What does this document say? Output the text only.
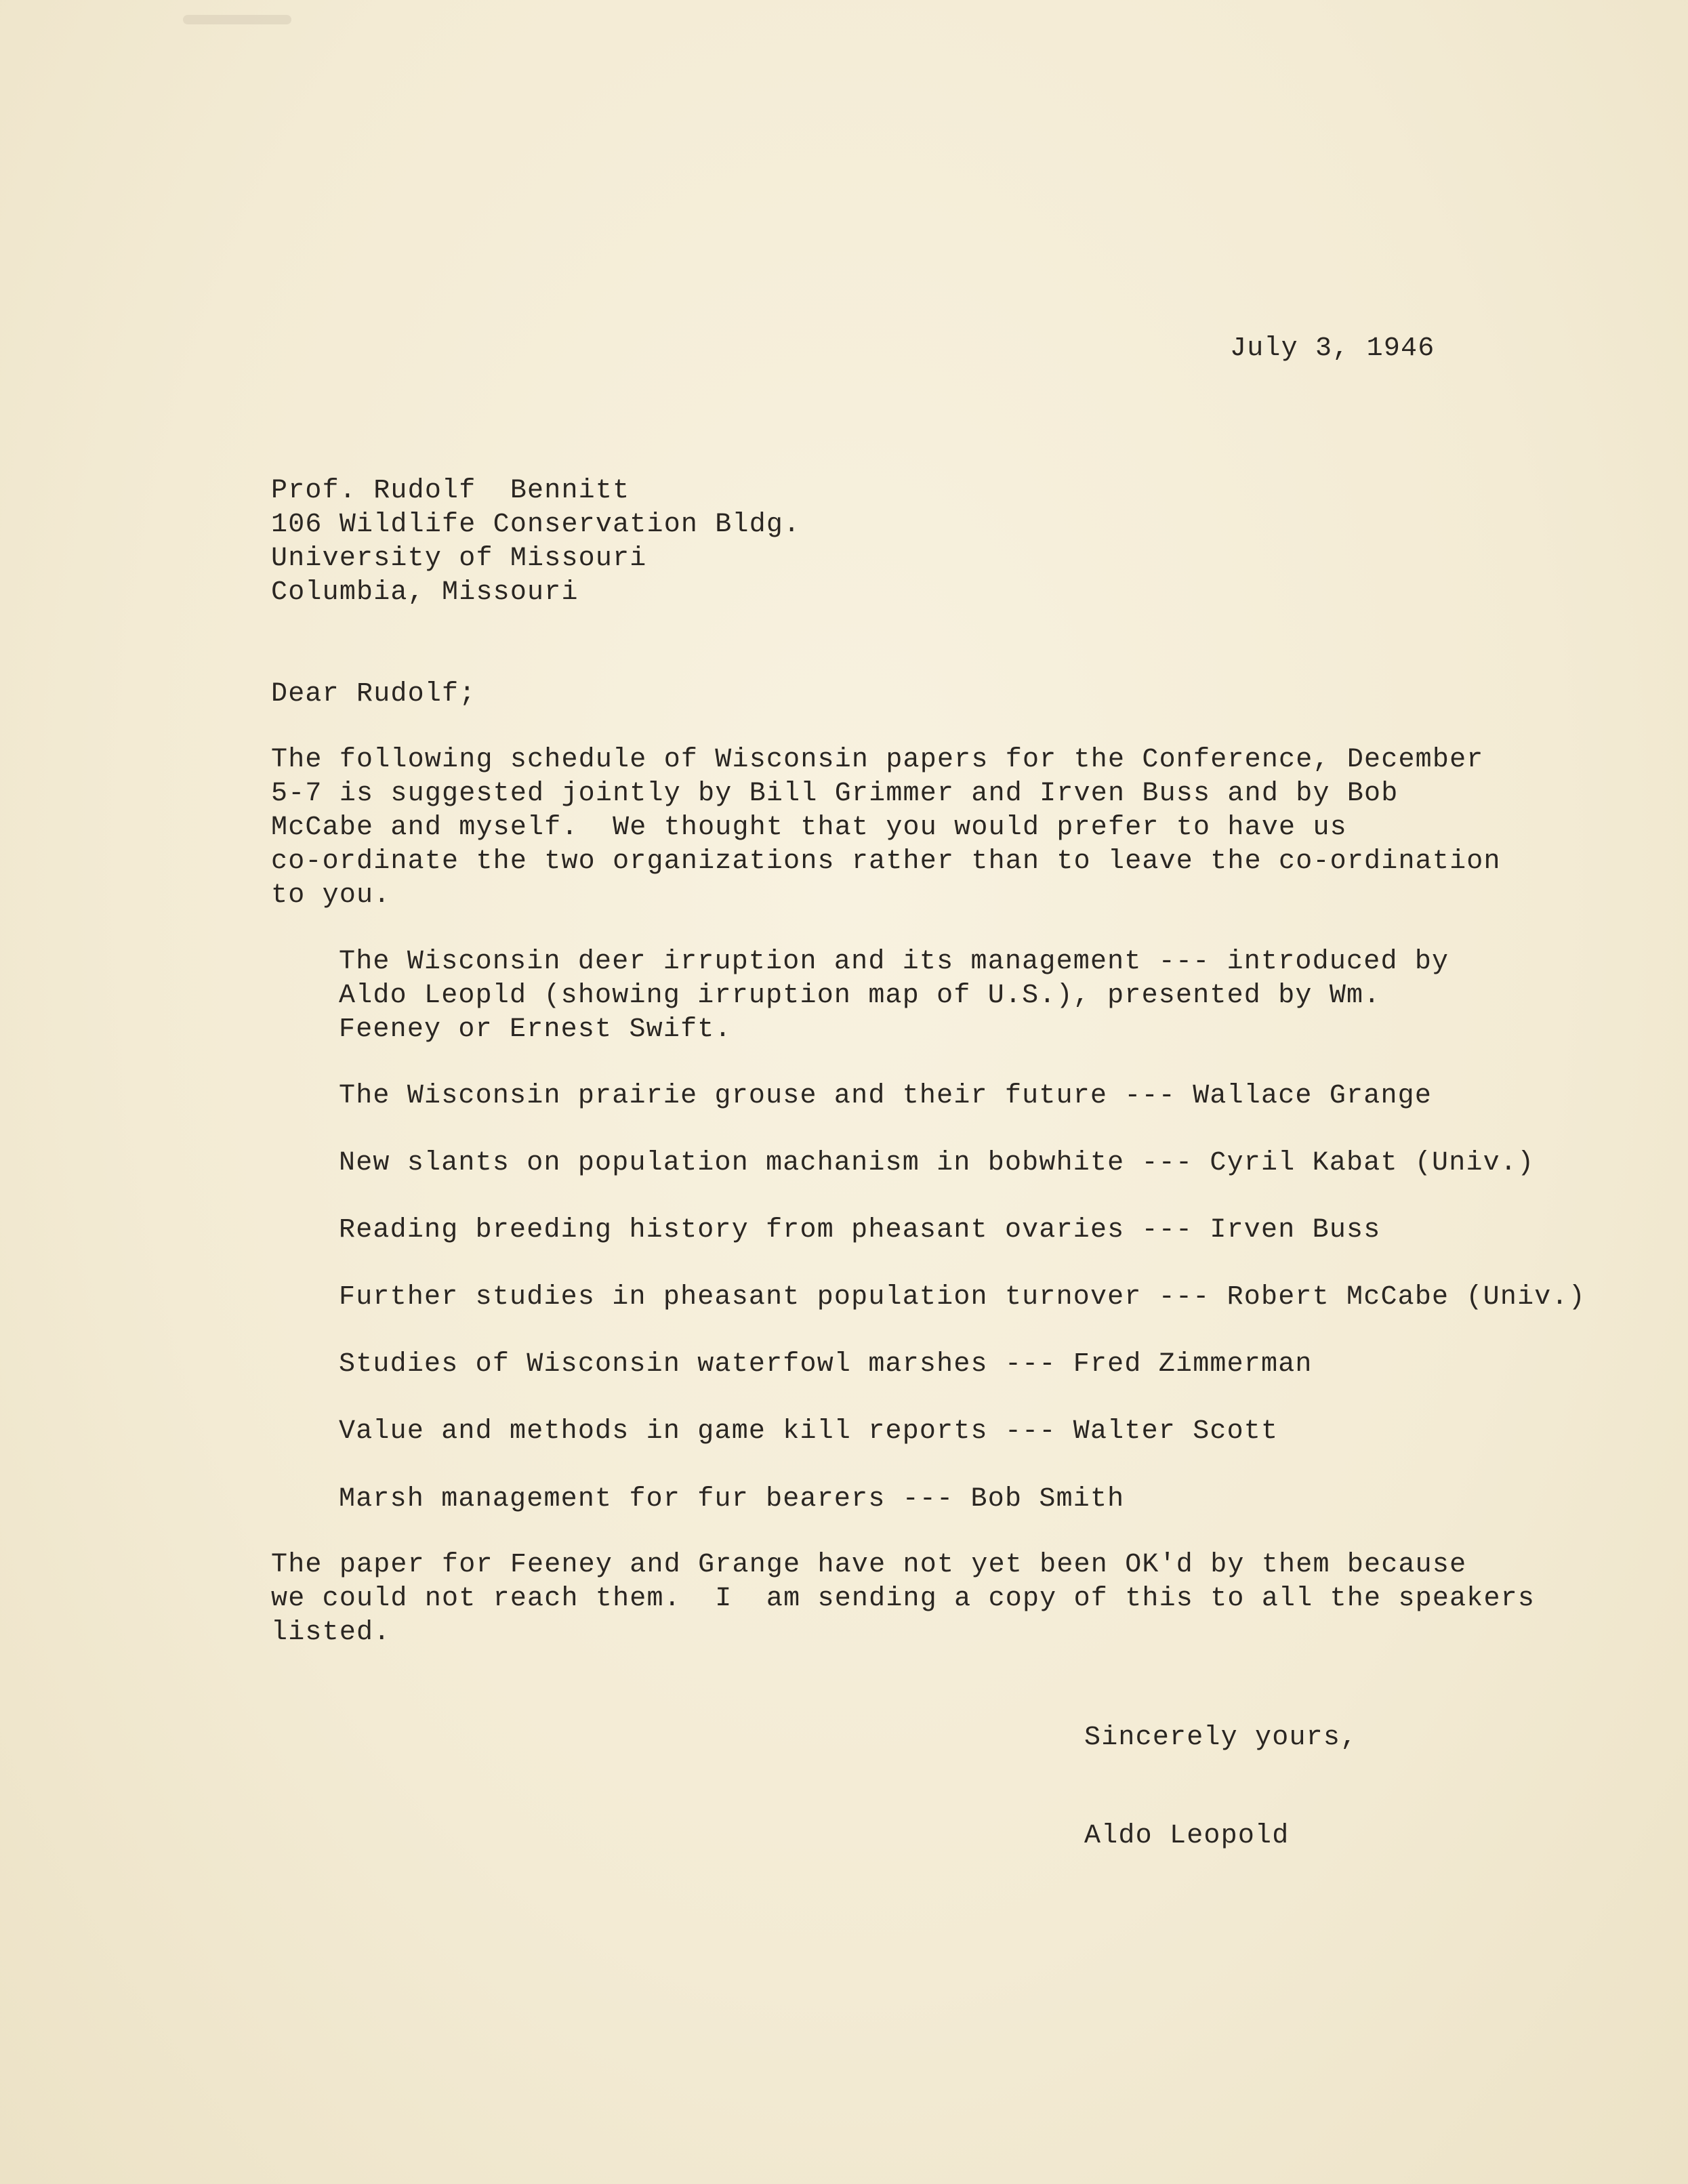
July 3, 1946
Prof. Rudolf  Bennitt
106 Wildlife Conservation Bldg.
University of Missouri
Columbia, Missouri
Dear Rudolf;
The following schedule of Wisconsin papers for the Conference, December
5-7 is suggested jointly by Bill Grimmer and Irven Buss and by Bob
McCabe and myself.  We thought that you would prefer to have us
co-ordinate the two organizations rather than to leave the co-ordination
to you.
The Wisconsin deer irruption and its management --- introduced by
Aldo Leopld (showing irruption map of U.S.), presented by Wm.
Feeney or Ernest Swift.
The Wisconsin prairie grouse and their future --- Wallace Grange
New slants on population machanism in bobwhite --- Cyril Kabat (Univ.)
Reading breeding history from pheasant ovaries --- Irven Buss
Further studies in pheasant population turnover --- Robert McCabe (Univ.)
Studies of Wisconsin waterfowl marshes --- Fred Zimmerman
Value and methods in game kill reports --- Walter Scott
Marsh management for fur bearers --- Bob Smith
The paper for Feeney and Grange have not yet been OK'd by them because
we could not reach them.  I  am sending a copy of this to all the speakers
listed.
Sincerely yours,
Aldo Leopold
